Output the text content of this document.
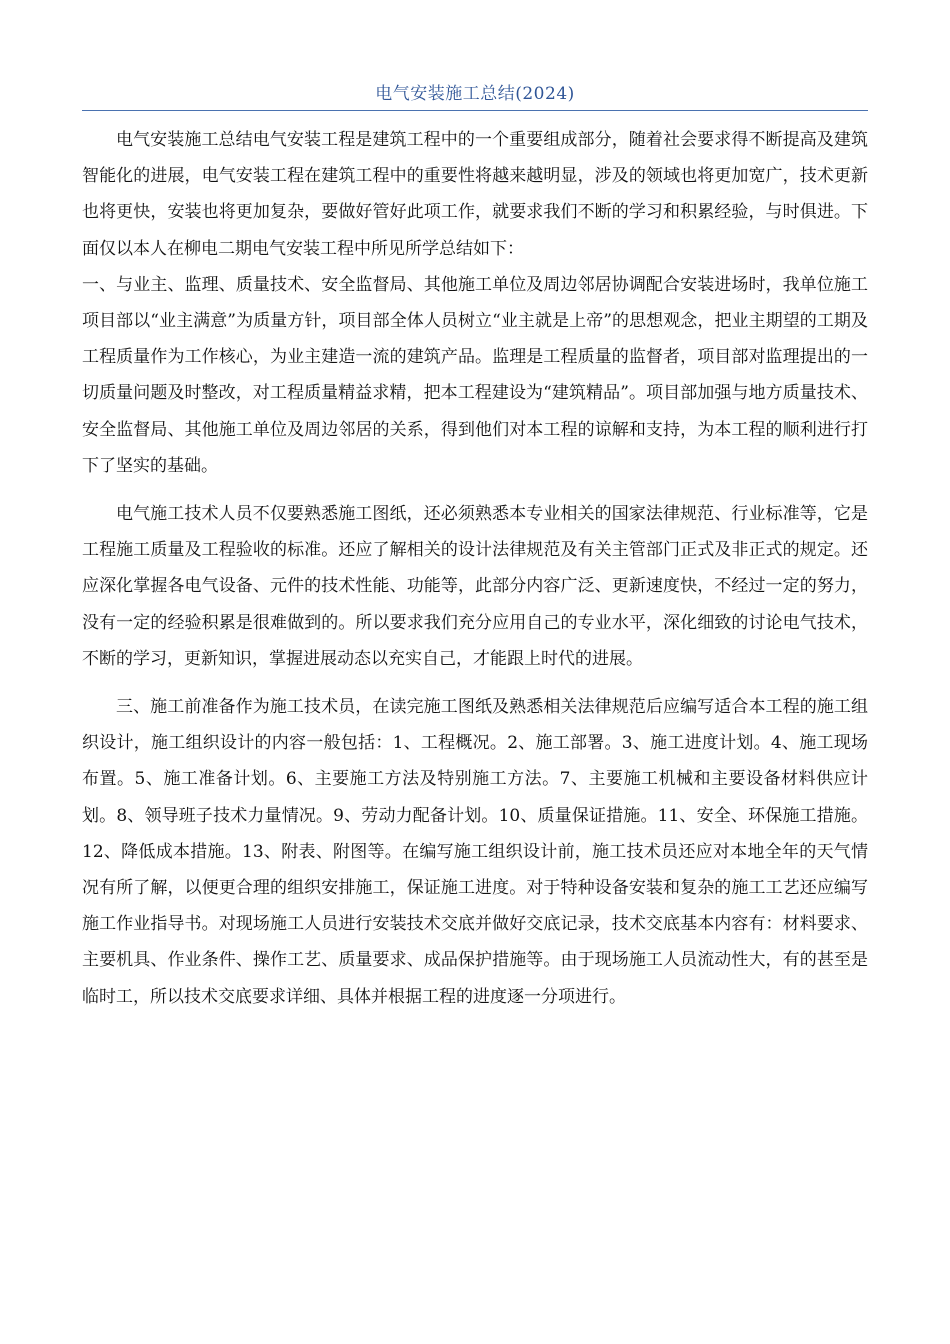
电气安装施工总结(2024)

电气安装施工总结电气安装工程是建筑工程中的一个重要组成部分，随着社会要求得不断提高及建筑智能化的进展，电气安装工程在建筑工程中的重要性将越来越明显，涉及的领域也将更加宽广，技术更新也将更快，安装也将更加复杂，要做好管好此项工作，就要求我们不断的学习和积累经验，与时俱进。下面仅以本人在柳电二期电气安装工程中所见所学总结如下：

一、与业主、监理、质量技术、安全监督局、其他施工单位及周边邻居协调配合安装进场时，我单位施工项目部以“业主满意”为质量方针，项目部全体人员树立“业主就是上帝”的思想观念，把业主期望的工期及工程质量作为工作核心，为业主建造一流的建筑产品。监理是工程质量的监督者，项目部对监理提出的一切质量问题及时整改，对工程质量精益求精，把本工程建设为“建筑精品”。项目部加强与地方质量技术、安全监督局、其他施工单位及周边邻居的关系，得到他们对本工程的谅解和支持，为本工程的顺利进行打下了坚实的基础。

电气施工技术人员不仅要熟悉施工图纸，还必须熟悉本专业相关的国家法律规范、行业标准等，它是工程施工质量及工程验收的标准。还应了解相关的设计法律规范及有关主管部门正式及非正式的规定。还应深化掌握各电气设备、元件的技术性能、功能等，此部分内容广泛、更新速度快，不经过一定的努力，没有一定的经验积累是很难做到的。所以要求我们充分应用自己的专业水平，深化细致的讨论电气技术，不断的学习，更新知识，掌握进展动态以充实自己，才能跟上时代的进展。

三、施工前准备作为施工技术员，在读完施工图纸及熟悉相关法律规范后应编写适合本工程的施工组织设计，施工组织设计的内容一般包括：1、工程概况。2、施工部署。3、施工进度计划。4、施工现场布置。5、施工准备计划。6、主要施工方法及特别施工方法。7、主要施工机械和主要设备材料供应计划。8、领导班子技术力量情况。9、劳动力配备计划。10、质量保证措施。11、安全、环保施工措施。12、降低成本措施。13、附表、附图等。在编写施工组织设计前，施工技术员还应对本地全年的天气情况有所了解，以便更合理的组织安排施工，保证施工进度。对于特种设备安装和复杂的施工工艺还应编写施工作业指导书。对现场施工人员进行安装技术交底并做好交底记录，技术交底基本内容有：材料要求、主要机具、作业条件、操作工艺、质量要求、成品保护措施等。由于现场施工人员流动性大，有的甚至是临时工，所以技术交底要求详细、具体并根据工程的进度逐一分项进行。
